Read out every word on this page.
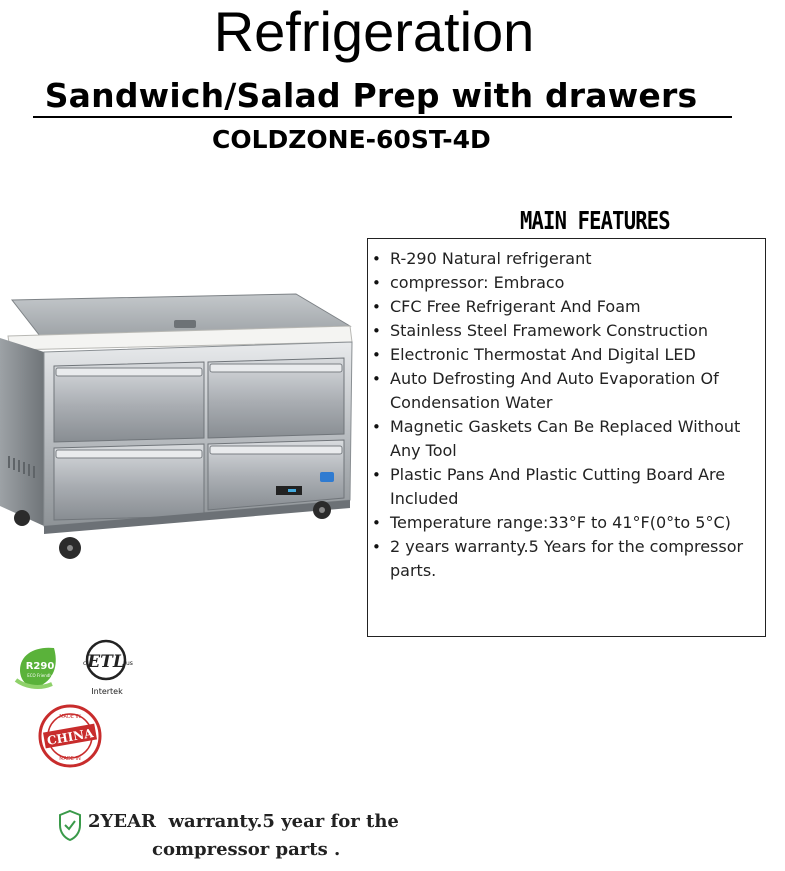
Refrigeration
Sandwich/Salad Prep with drawers
COLDZONE-60ST-4D
MAIN FEATURES
• R-290 Natural refrigerant
• compressor: Embraco
• CFC Free Refrigerant And Foam
• Stainless Steel Framework Construction
• Electronic Thermostat And Digital LED
• Auto Defrosting And Auto Evaporation Of Condensation Water
• Magnetic Gaskets Can Be Replaced Without Any Tool
• Plastic Pans And Plastic Cutting Board Are Included
• Temperature range:33°F to 41°F(0°to 5°C)
• 2 years warranty.5 Years for the compressor parts.
R290
ECO Friendly
ETL
c	us
Intertek
CHINA
MADE IN
MADE IN
2YEAR  warranty.5 year for the
compressor parts .
